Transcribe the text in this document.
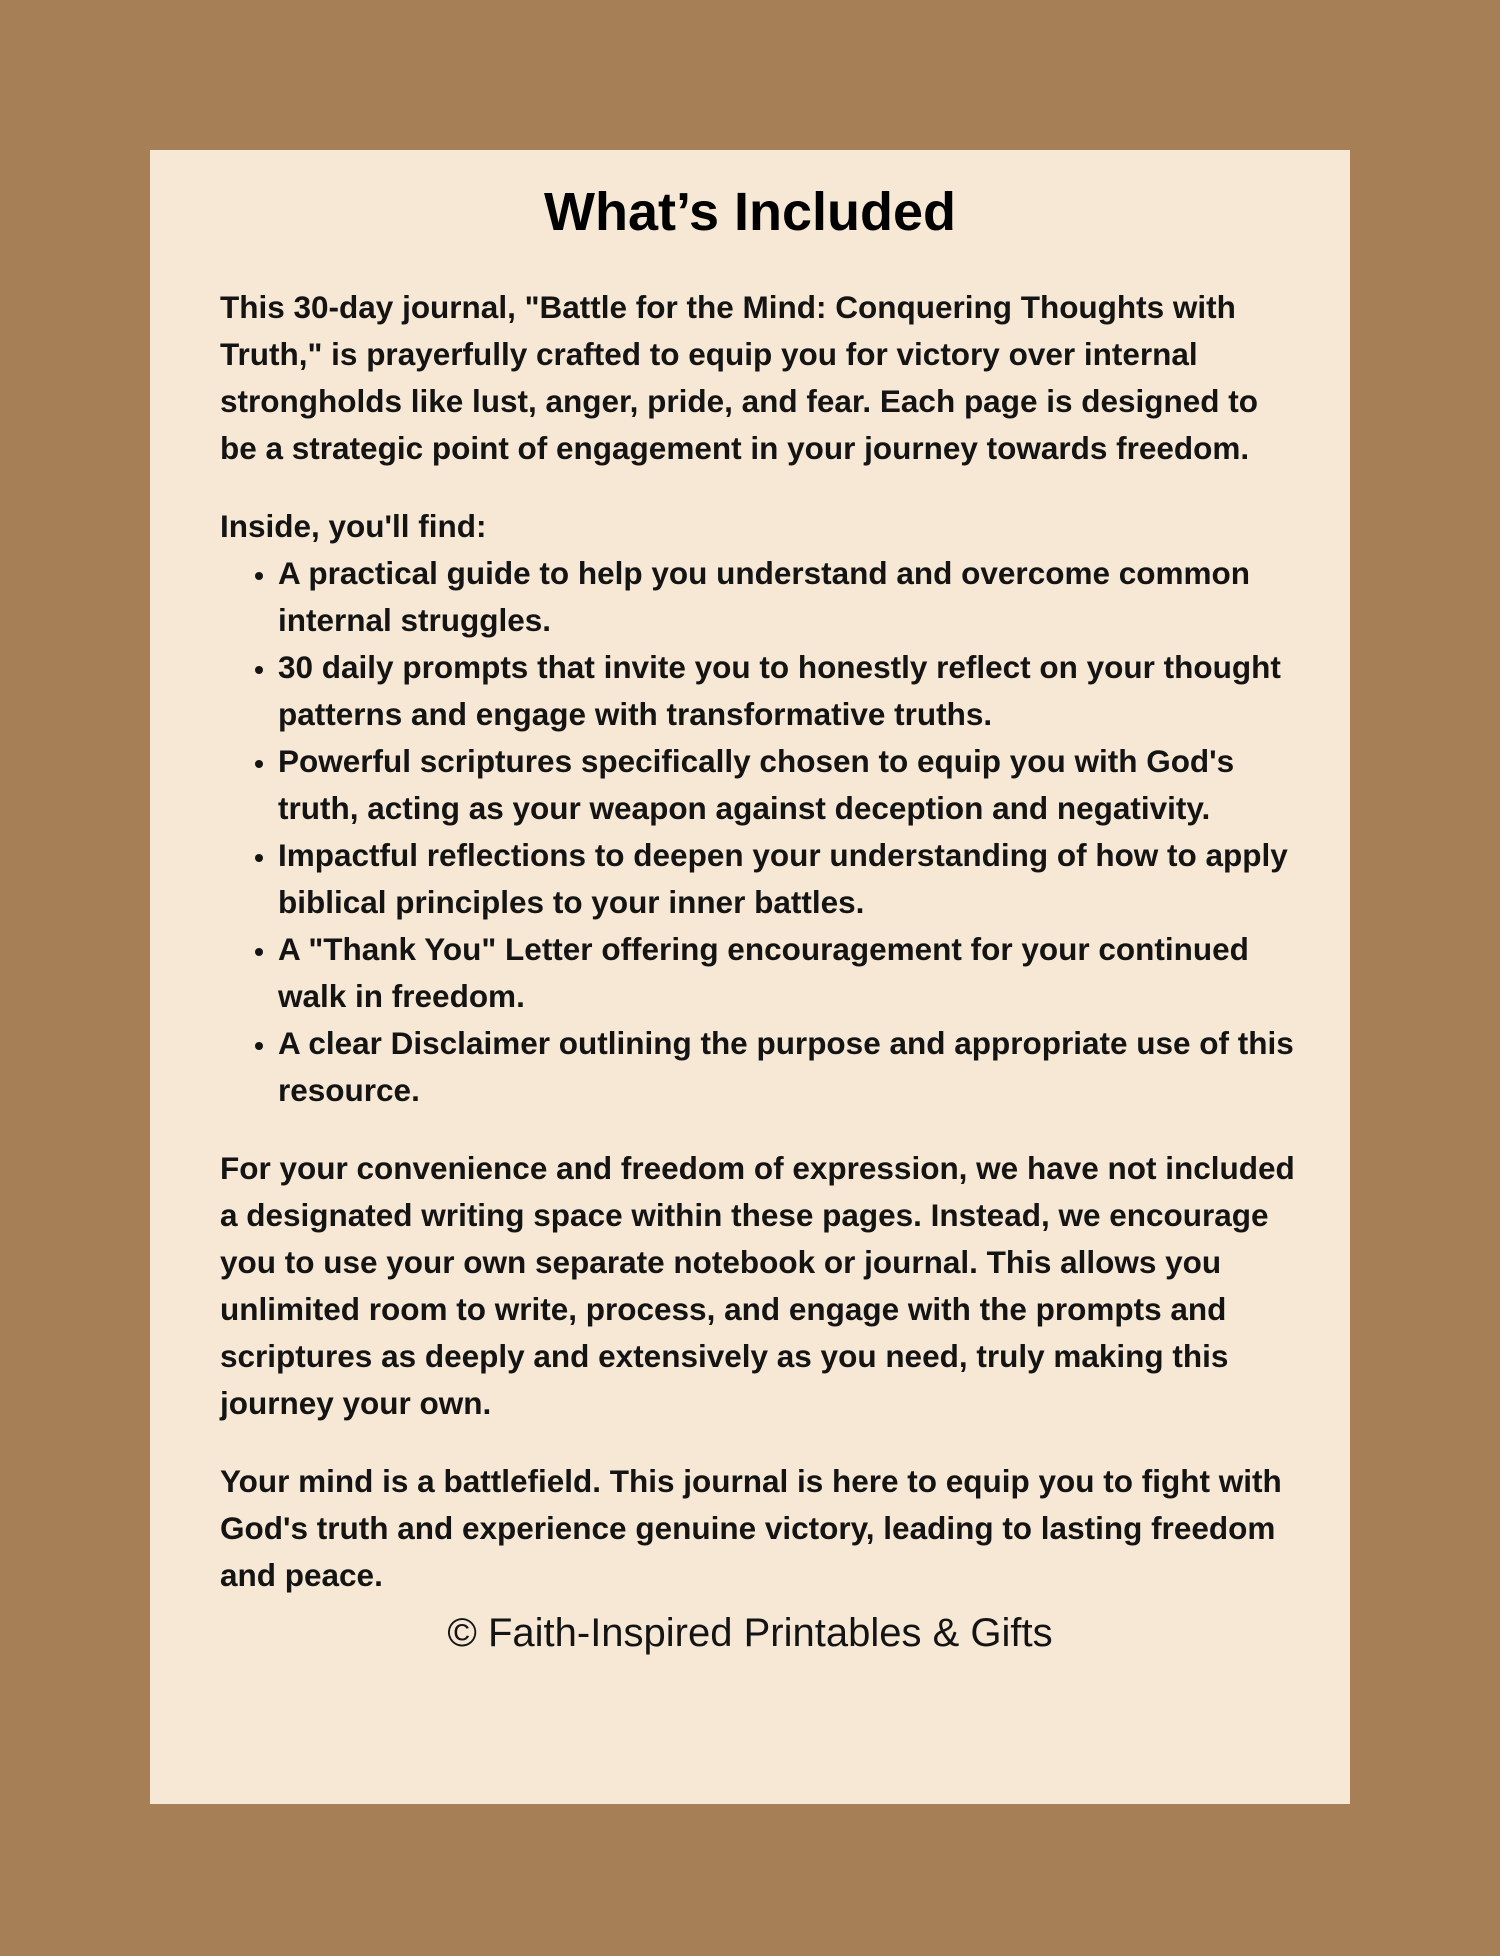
What’s Included

This 30-day journal, "Battle for the Mind: Conquering Thoughts with Truth," is prayerfully crafted to equip you for victory over internal strongholds like lust, anger, pride, and fear. Each page is designed to be a strategic point of engagement in your journey towards freedom.

Inside, you'll find:

• A practical guide to help you understand and overcome common internal struggles.
• 30 daily prompts that invite you to honestly reflect on your thought patterns and engage with transformative truths.
• Powerful scriptures specifically chosen to equip you with God's truth, acting as your weapon against deception and negativity.
• Impactful reflections to deepen your understanding of how to apply biblical principles to your inner battles.
• A "Thank You" Letter offering encouragement for your continued walk in freedom.
• A clear Disclaimer outlining the purpose and appropriate use of this resource.

For your convenience and freedom of expression, we have not included a designated writing space within these pages. Instead, we encourage you to use your own separate notebook or journal. This allows you unlimited room to write, process, and engage with the prompts and scriptures as deeply and extensively as you need, truly making this journey your own.

Your mind is a battlefield. This journal is here to equip you to fight with God's truth and experience genuine victory, leading to lasting freedom and peace.

© Faith-Inspired Printables & Gifts
